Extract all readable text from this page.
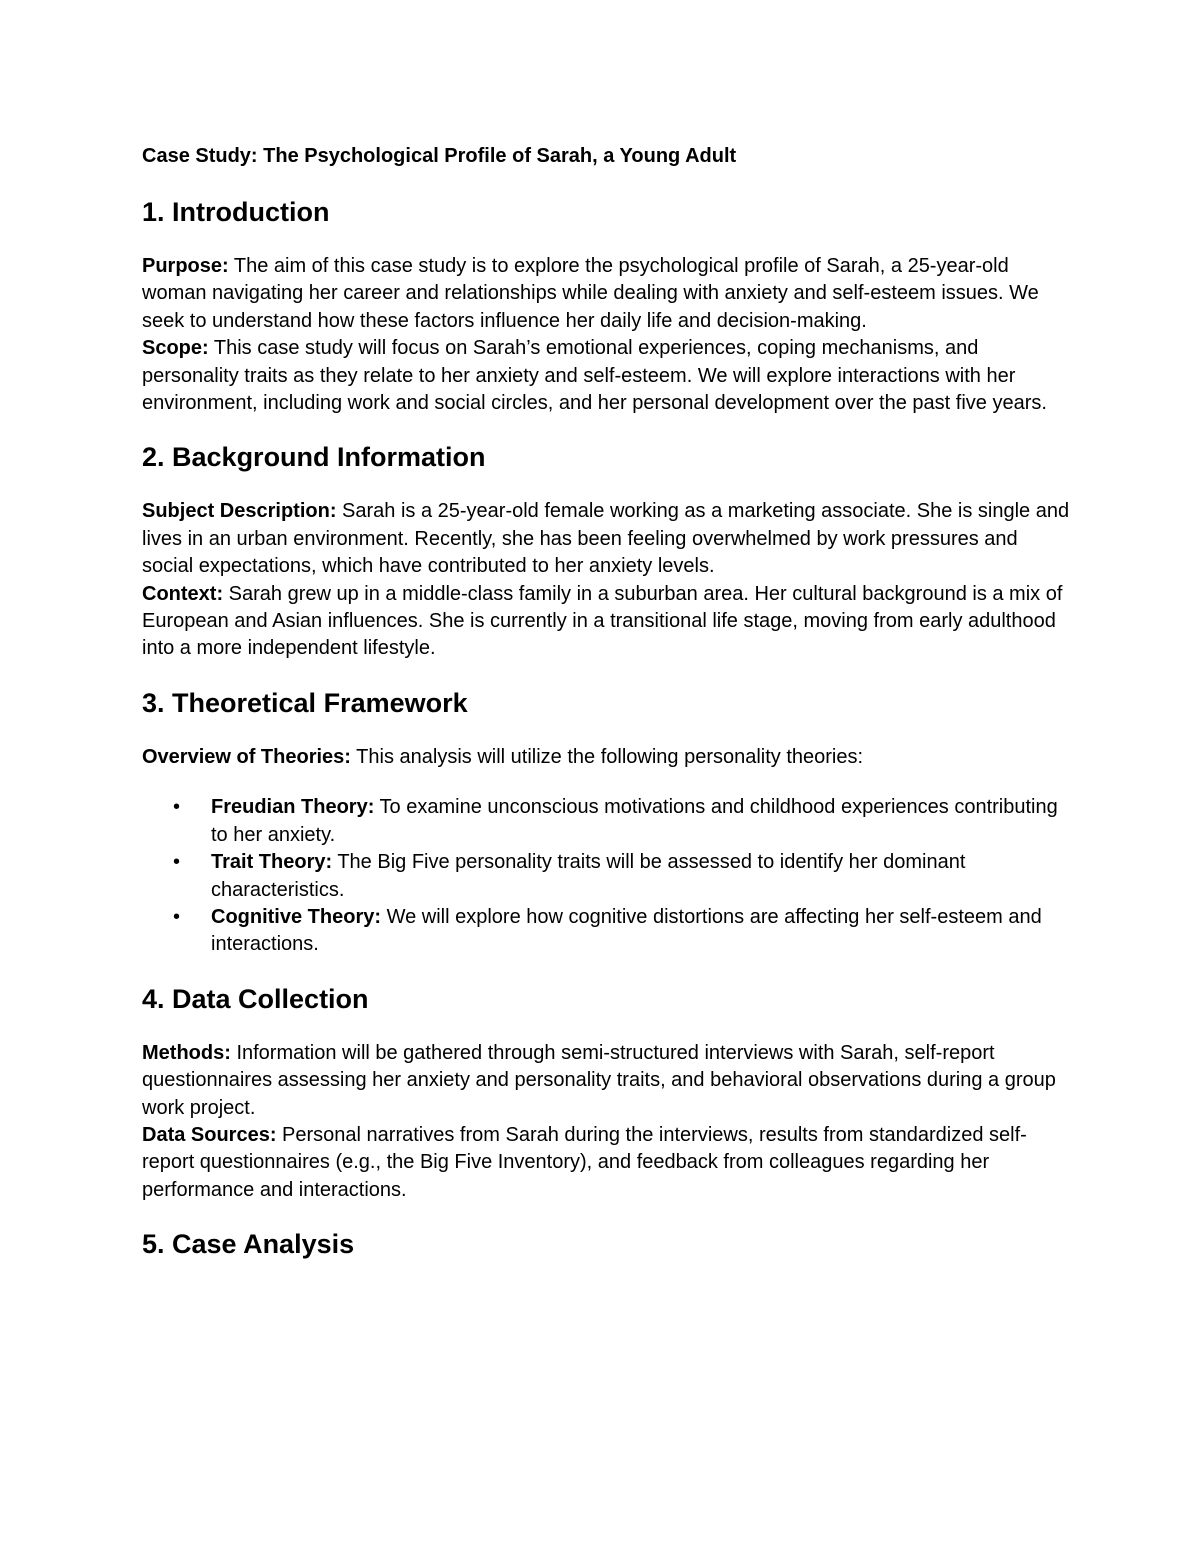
Case Study: The Psychological Profile of Sarah, a Young Adult

1. Introduction

Purpose: The aim of this case study is to explore the psychological profile of Sarah, a 25-year-old woman navigating her career and relationships while dealing with anxiety and self-esteem issues. We seek to understand how these factors influence her daily life and decision-making.

Scope: This case study will focus on Sarah’s emotional experiences, coping mechanisms, and personality traits as they relate to her anxiety and self-esteem. We will explore interactions with her environment, including work and social circles, and her personal development over the past five years.

2. Background Information

Subject Description: Sarah is a 25-year-old female working as a marketing associate. She is single and lives in an urban environment. Recently, she has been feeling overwhelmed by work pressures and social expectations, which have contributed to her anxiety levels.

Context: Sarah grew up in a middle-class family in a suburban area. Her cultural background is a mix of European and Asian influences. She is currently in a transitional life stage, moving from early adulthood into a more independent lifestyle.

3. Theoretical Framework

Overview of Theories: This analysis will utilize the following personality theories:

• Freudian Theory: To examine unconscious motivations and childhood experiences contributing to her anxiety.
• Trait Theory: The Big Five personality traits will be assessed to identify her dominant characteristics.
• Cognitive Theory: We will explore how cognitive distortions are affecting her self-esteem and interactions.
4. Data Collection

Methods: Information will be gathered through semi-structured interviews with Sarah, self-report questionnaires assessing her anxiety and personality traits, and behavioral observations during a group work project.

Data Sources: Personal narratives from Sarah during the interviews, results from standardized self-report questionnaires (e.g., the Big Five Inventory), and feedback from colleagues regarding her performance and interactions.

5. Case Analysis
